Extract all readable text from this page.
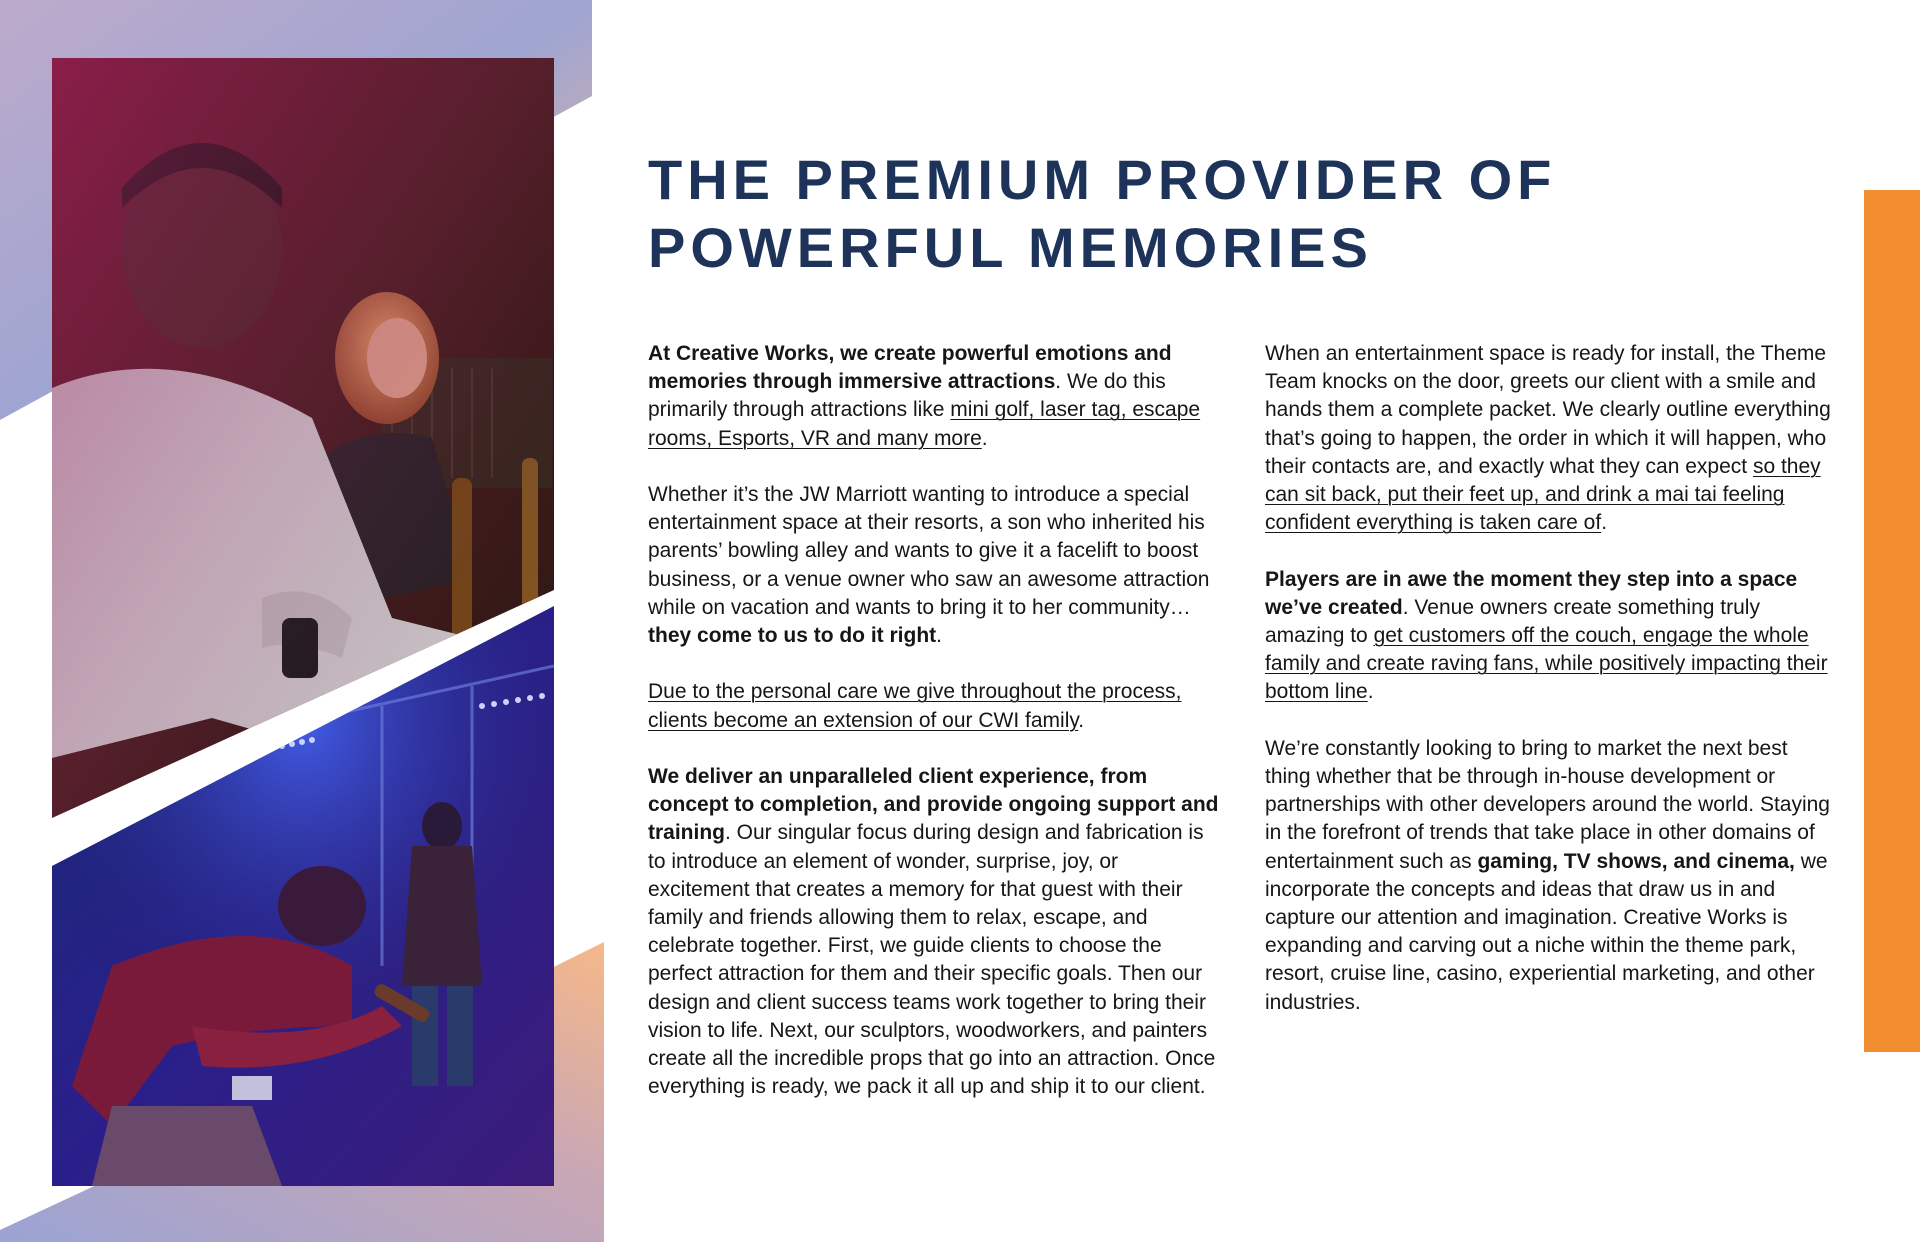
THE PREMIUM PROVIDER OF
POWERFUL MEMORIES

At Creative Works, we create powerful emotions and memories through immersive attractions. We do this primarily through attractions like mini golf, laser tag, escape rooms, Esports, VR and many more.

Whether it’s the JW Marriott wanting to introduce a special entertainment space at their resorts, a son who inherited his parents’ bowling alley and wants to give it a facelift to boost business, or a venue owner who saw an awesome attraction while on vacation and wants to bring it to her community… they come to us to do it right.

Due to the personal care we give throughout the process, clients become an extension of our CWI family.

We deliver an unparalleled client experience, from concept to completion, and provide ongoing support and training. Our singular focus during design and fabrication is to introduce an element of wonder, surprise, joy, or excitement that creates a memory for that guest with their family and friends allowing them to relax, escape, and celebrate together. First, we guide clients to choose the perfect attraction for them and their specific goals. Then our design and client success teams work together to bring their vision to life. Next, our sculptors, woodworkers, and painters create all the incredible props that go into an attraction. Once everything is ready, we pack it all up and ship it to our client.

When an entertainment space is ready for install, the Theme Team knocks on the door, greets our client with a smile and hands them a complete packet. We clearly outline everything that’s going to happen, the order in which it will happen, who their contacts are, and exactly what they can expect so they can sit back, put their feet up, and drink a mai tai feeling confident everything is taken care of.

Players are in awe the moment they step into a space we’ve created. Venue owners create something truly amazing to get customers off the couch, engage the whole family and create raving fans, while positively impacting their bottom line.

We’re constantly looking to bring to market the next best thing whether that be through in-house development or partnerships with other developers around the world. Staying in the forefront of trends that take place in other domains of entertainment such as gaming, TV shows, and cinema, we incorporate the concepts and ideas that draw us in and capture our attention and imagination. Creative Works is expanding and carving out a niche within the theme park, resort, cruise line, casino, experiential marketing, and other industries.
